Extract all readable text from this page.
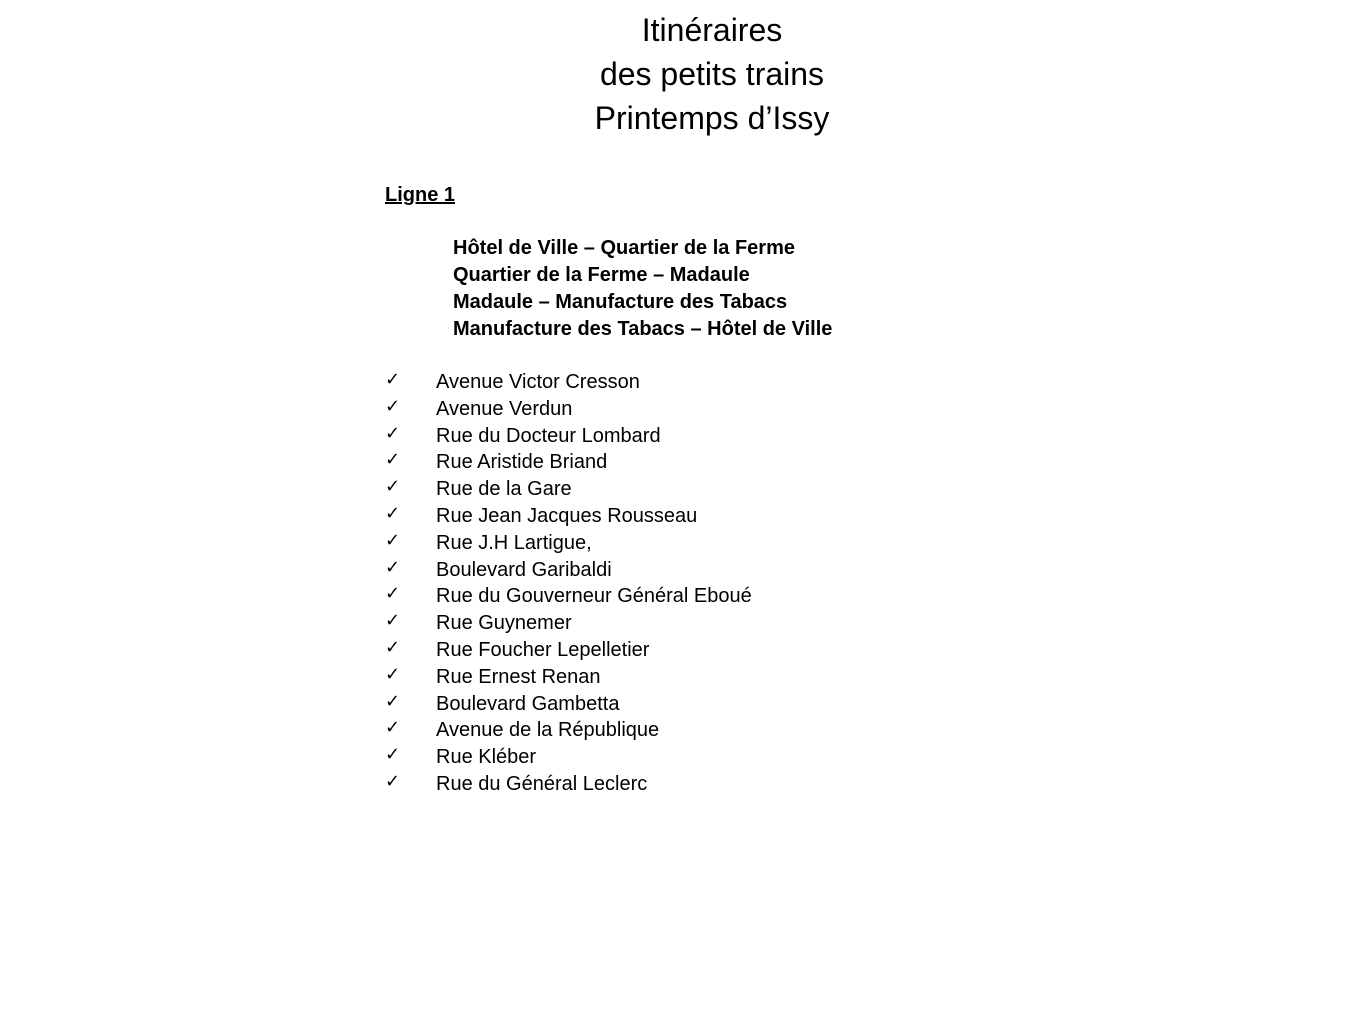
Itinéraires
des petits trains
Printemps d’Issy
Ligne 1
Hôtel de Ville – Quartier de la Ferme
Quartier de la Ferme – Madaule
Madaule – Manufacture des Tabacs
Manufacture des Tabacs – Hôtel de Ville
✓ Avenue Victor Cresson
✓ Avenue Verdun
✓ Rue du Docteur Lombard
✓ Rue Aristide Briand
✓ Rue de la Gare
✓ Rue Jean Jacques Rousseau
✓ Rue J.H Lartigue,
✓ Boulevard Garibaldi
✓ Rue du Gouverneur Général Eboué
✓ Rue Guynemer
✓ Rue Foucher Lepelletier
✓ Rue Ernest Renan
✓ Boulevard Gambetta
✓ Avenue de la République
✓ Rue Kléber
✓ Rue du Général Leclerc
